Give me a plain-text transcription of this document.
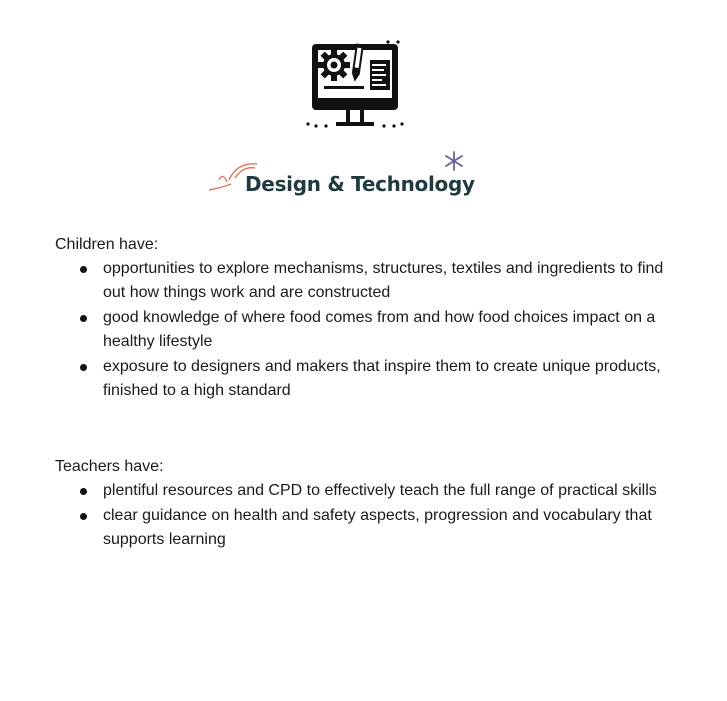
Design & Technology
Children have:
opportunities to explore mechanisms, structures, textiles and ingredients to find out how things work and are constructed
good knowledge of where food comes from and how food choices impact on a healthy lifestyle
exposure to designers and makers that inspire them to create unique products, finished to a high standard
Teachers have:
plentiful resources and CPD to effectively teach the full range of practical skills
clear guidance on health and safety aspects, progression and vocabulary that supports learning
